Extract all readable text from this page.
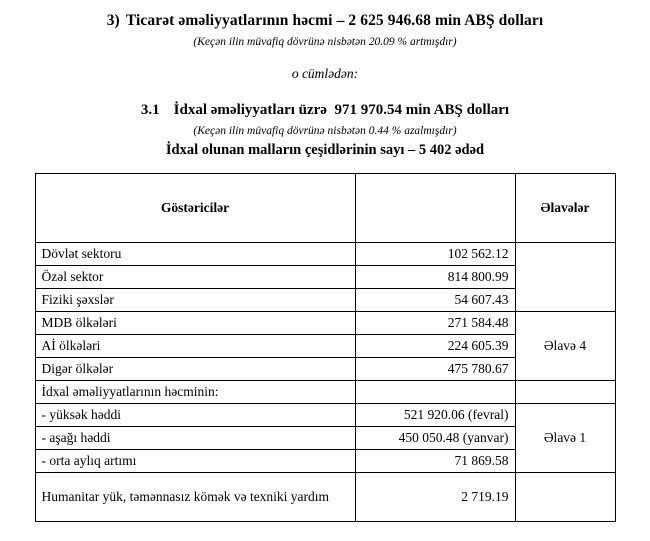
3) Ticarət əməliyyatlarının həcmi – 2 625 946.68 min ABŞ dolları
(Keçən ilin müvafiq dövrünə nisbətən 20.09 % artmışdır)
o cümlədən:
3.1 İdxal əməliyyatları üzrə 971 970.54 min ABŞ dolları
(Keçən ilin müvafiq dövrünə nisbətən 0.44 % azalmışdır)
İdxal olunan malların çeşidlərinin sayı – 5 402 ədəd
Göstəricilər		Əlavələr
Dövlət sektoru	102 562.12	
Özəl sektor	814 800.99	
Fiziki şəxslər	54 607.43	
MDB ölkələri	271 584.48	Əlavə 4
Aİ ölkələri	224 605.39	
Digər ölkələr	475 780.67	
İdxal əməliyyatlarının həcminin:		
- yüksək həddi	521 920.06 (fevral)	Əlavə 1
- aşağı həddi	450 050.48 (yanvar)	
- orta aylıq artımı	71 869.58	
Humanitar yük, təmənnasız kömək və texniki yardım	2 719.19	
